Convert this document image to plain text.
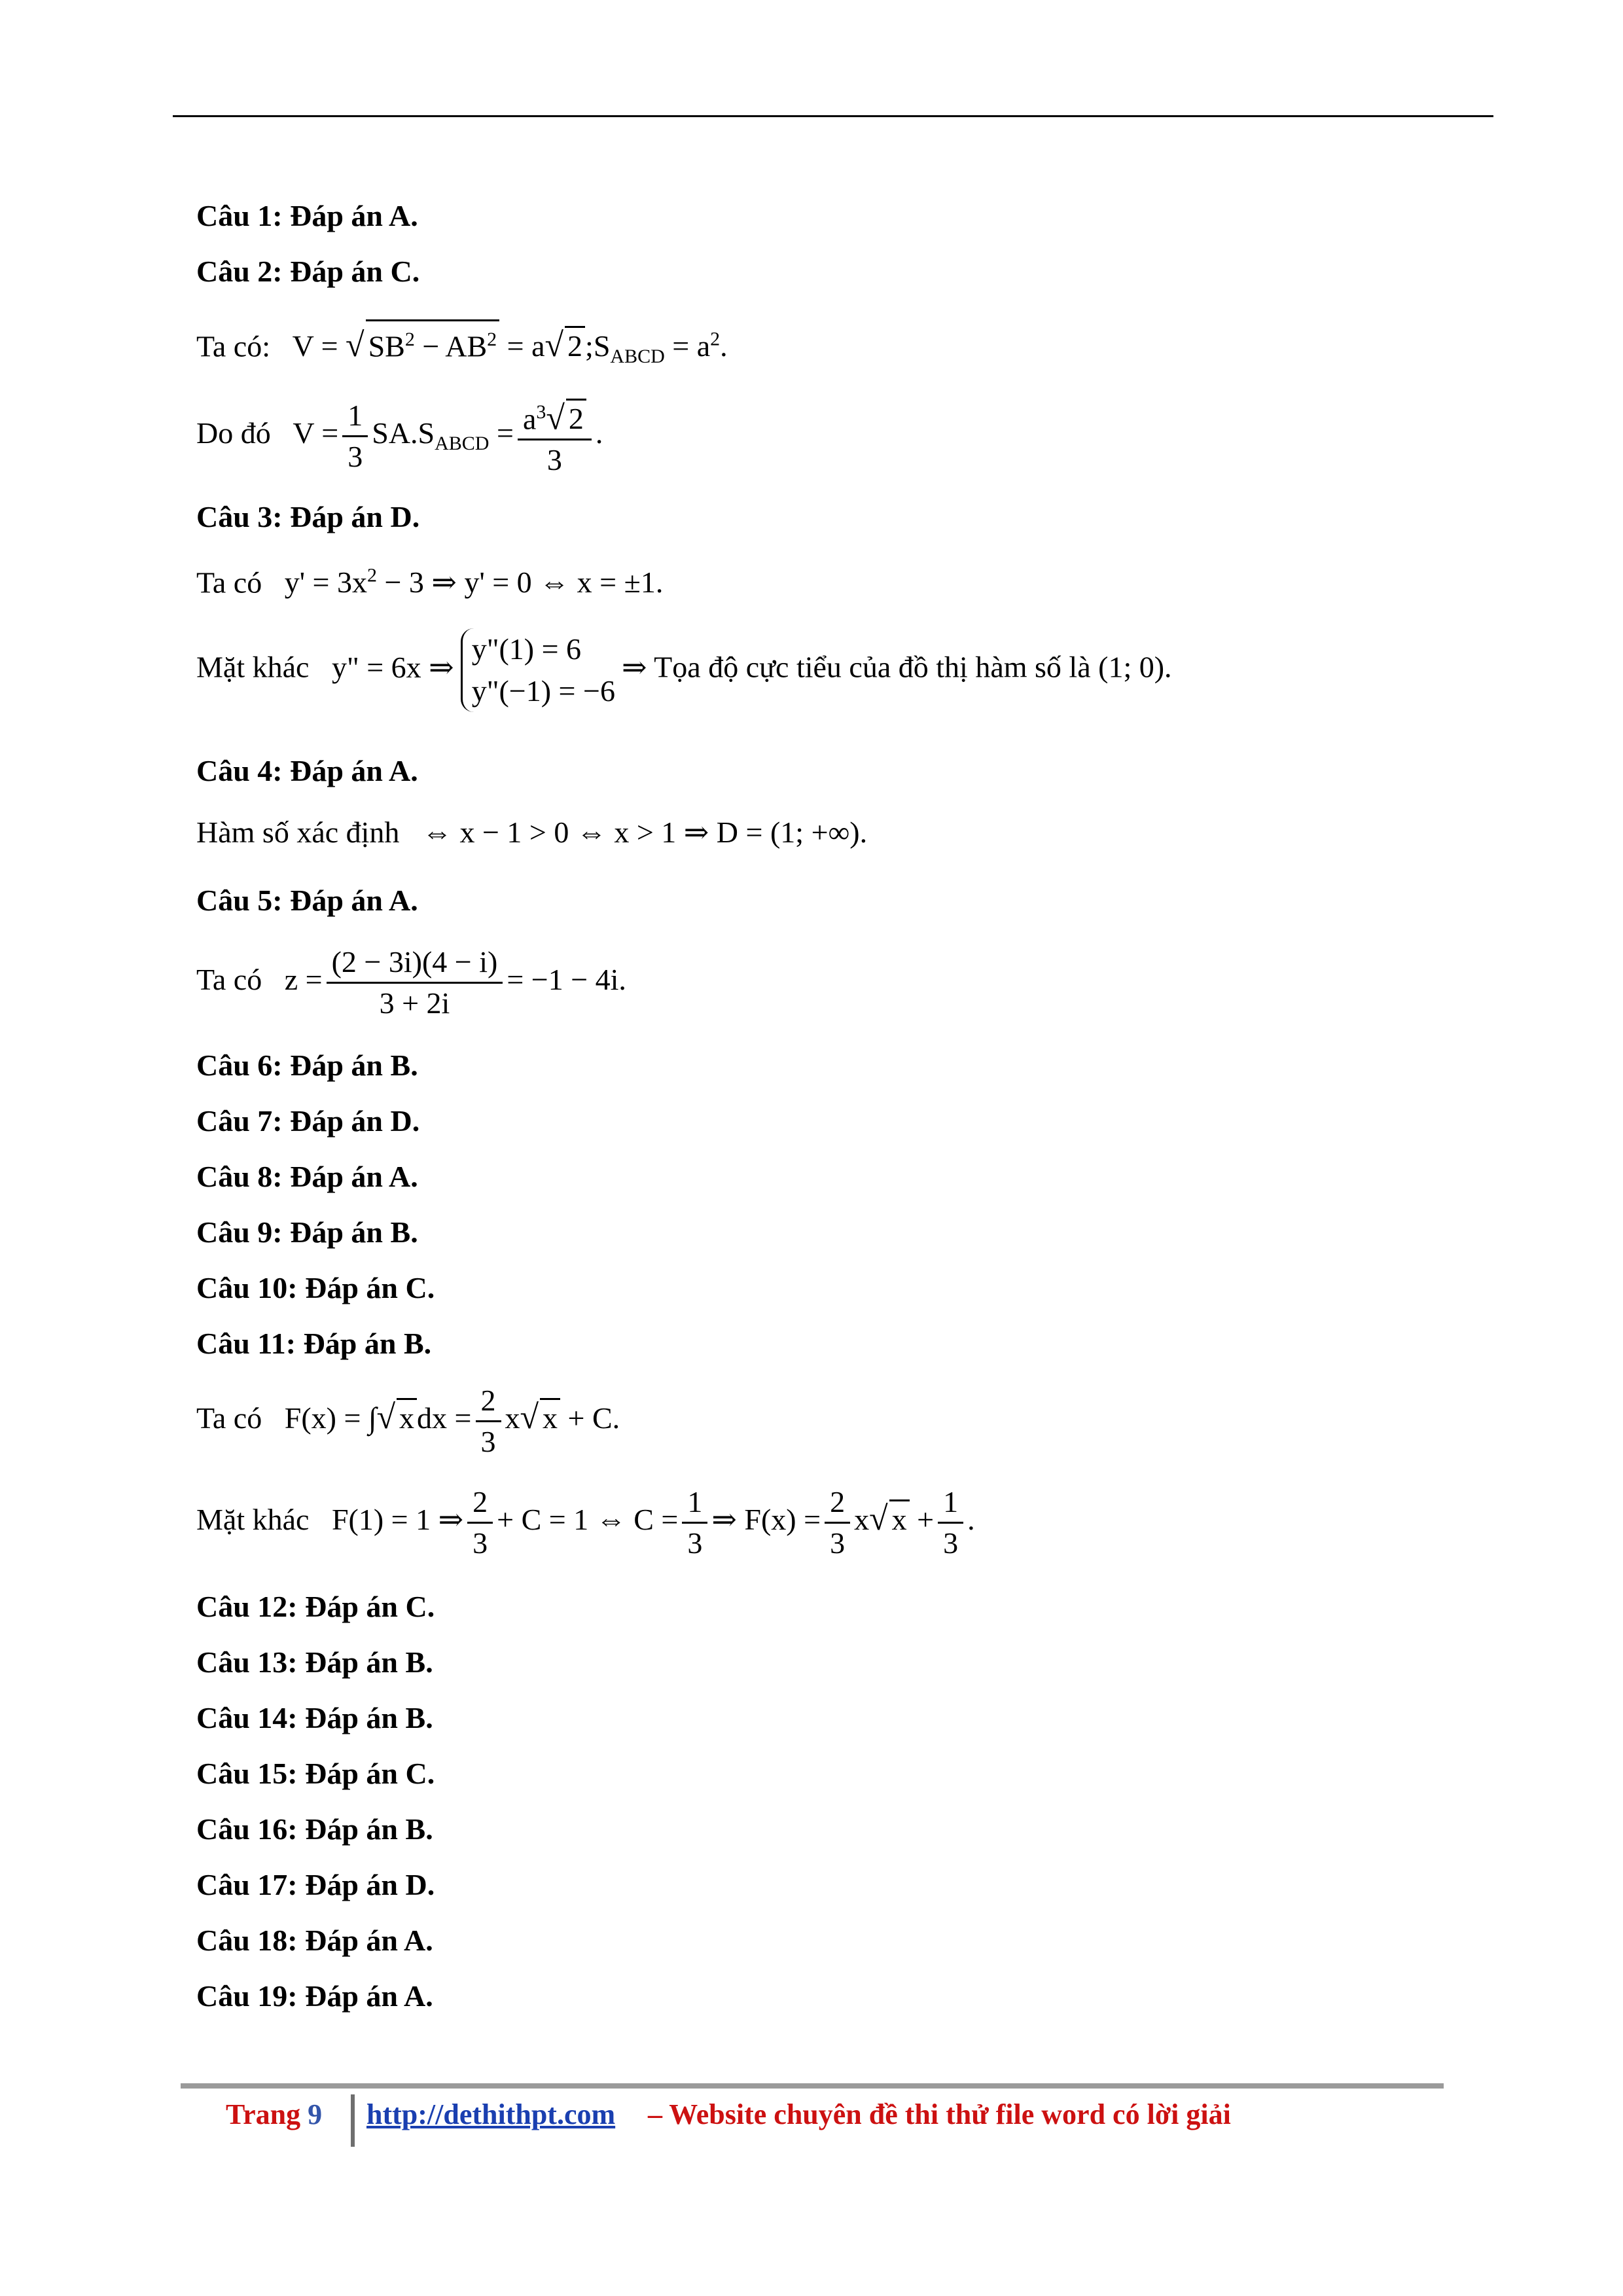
Câu 1: Đáp án A.
Câu 2: Đáp án C.
Ta có:   V = √ $SB^2 - AB^2 = a√$ $2;S_{ABCD} = a^2$.
Do đó   $V = \frac{1}{3} SA.S_{ABCD} = \frac{a^3√ 2}{3}$ .
Câu 3: Đáp án D.
Ta có   $y' = 3x^2 - 3$ ⇒ y' = 0 ⇔ x = ±1.
Mặt khác   y" = 6x ⇒
y"(1) = 6
y"(−1) = −6
⇒ Tọa độ cực tiểu của đồ thị hàm số là (1; 0).
Câu 4: Đáp án A.
Hàm số xác định   ⇔ x − 1 > 0 ⇔ x > 1 ⇒ D = (1; +∞).
Câu 5: Đáp án A.
Ta có   $z = \frac{(2 - 3i)(4 - i)}{3 + 2i} = -1 - 4i$.
Câu 6: Đáp án B.
Câu 7: Đáp án D.
Câu 8: Đáp án A.
Câu 9: Đáp án B.
Câu 10: Đáp án C.
Câu 11: Đáp án B.
Ta có   F(x) = ∫√ xdx = $\frac{2}{3} x√$ x + C.
Mặt khác   F(1) = 1 ⇒ $\frac{2}{3} + C = 1$ ⇔ $C = \frac{1}{3}$ ⇒ $F(x) = \frac{2}{3} x√$ $x + \frac{1}{3}$ .
Câu 12: Đáp án C.
Câu 13: Đáp án B.
Câu 14: Đáp án B.
Câu 15: Đáp án C.
Câu 16: Đáp án B.
Câu 17: Đáp án D.
Câu 18: Đáp án A.
Câu 19: Đáp án A.
Trang 9 http://dethithpt.com – Website chuyên đề thi thử file word có lời giải
